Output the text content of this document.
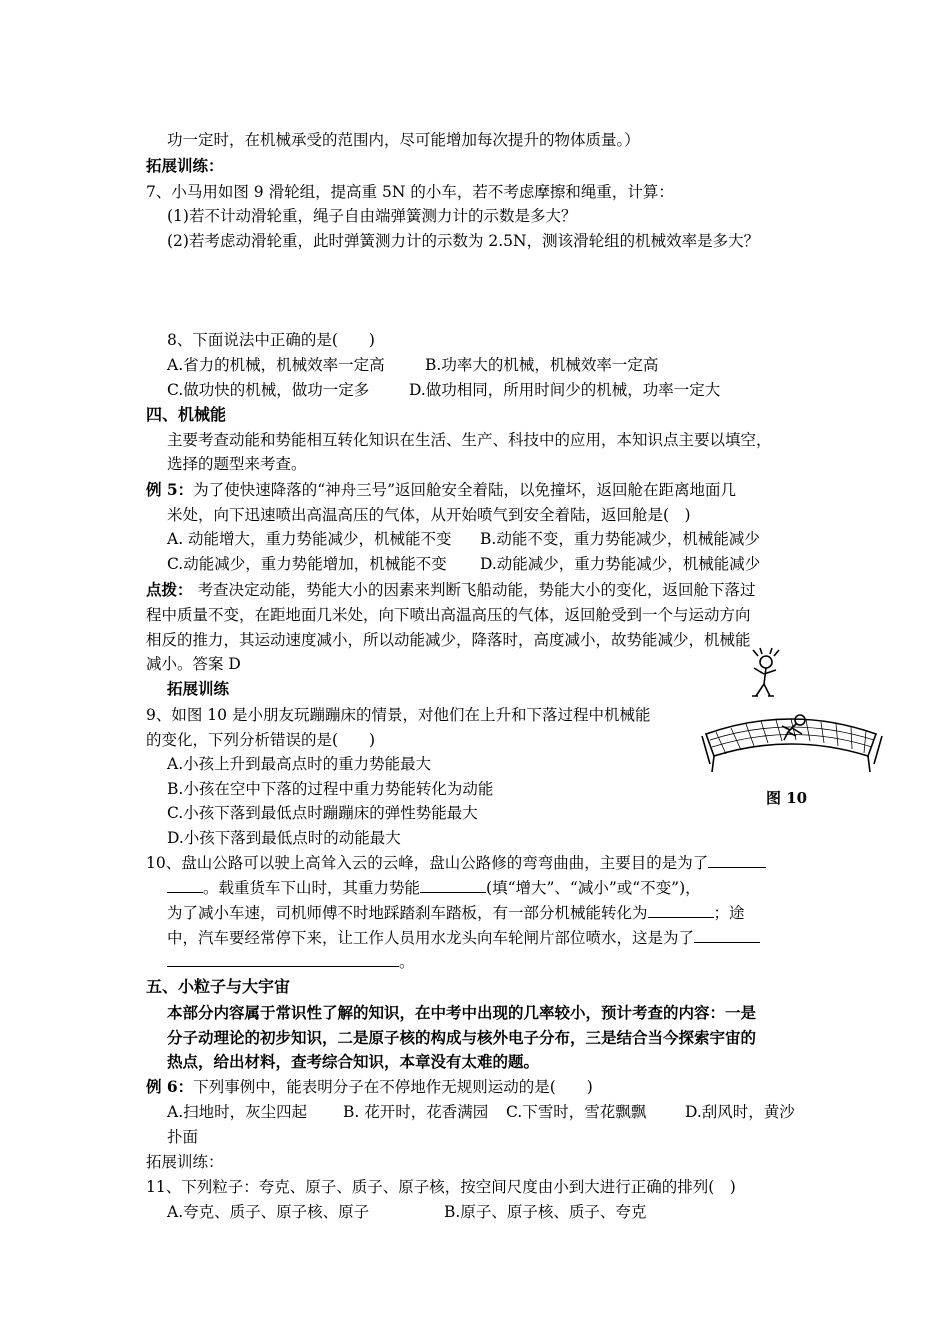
功一定时，在机械承受的范围内，尽可能增加每次提升的物体质量。）
拓展训练：
7、小马用如图 9 滑轮组，提高重 5N 的小车，若不考虑摩擦和绳重，计算：
(1)若不计动滑轮重，绳子自由端弹簧测力计的示数是多大？
(2)若考虑动滑轮重，此时弹簧测力计的示数为 2.5N，测该滑轮组的机械效率是多大？
8、下面说法中正确的是(　　)
A.省力的机械，机械效率一定高	B.功率大的机械，机械效率一定高
C.做功快的机械，做功一定多	D.做功相同，所用时间少的机械，功率一定大
四、机械能
主要考查动能和势能相互转化知识在生活、生产、科技中的应用，本知识点主要以填空，
选择的题型来考查。
例 5：为了使快速降落的“神舟三号”返回舱安全着陆，以免撞坏，返回舱在距离地面几
米处，向下迅速喷出高温高压的气体，从开始喷气到安全着陆，返回舱是(　)
A. 动能增大，重力势能减少，机械能不变 B.动能不变，重力势能减少，机械能减少
C.动能减少，重力势能增加，机械能不变 D.动能减少，重力势能减少，机械能减少
点拨： 考查决定动能，势能大小的因素来判断飞船动能，势能大小的变化，返回舱下落过
程中质量不变，在距地面几米处，向下喷出高温高压的气体，返回舱受到一个与运动方向
相反的推力，其运动速度减小，所以动能减少，降落时，高度减小，故势能减少，机械能
减小。答案 D
图 10
拓展训练
9、如图 10 是小朋友玩蹦蹦床的情景，对他们在上升和下落过程中机械能
的变化，下列分析错误的是(　　)
A.小孩上升到最高点时的重力势能最大
B.小孩在空中下落的过程中重力势能转化为动能
C.小孩下落到最低点时蹦蹦床的弹性势能最大
D.小孩下落到最低点时的动能最大
10、盘山公路可以驶上高耸入云的云峰，盘山公路修的弯弯曲曲，主要目的是为了
。载重货车下山时，其重力势能	(填“增大”、“减小”或“不变”)，
为了减小车速，司机师傅不时地踩踏刹车踏板，有一部分机械能转化为	；途
中，汽车要经常停下来，让工作人员用水龙头向车轮闸片部位喷水，这是为了
。
五、小粒子与大宇宙
本部分内容属于常识性了解的知识，在中考中出现的几率较小，预计考查的内容：一是
分子动理论的初步知识，二是原子核的构成与核外电子分布，三是结合当今探索宇宙的
热点，给出材料，查考综合知识，本章没有太难的题。
例 6：下列事例中，能表明分子在不停地作无规则运动的是(　　)
A.扫地时，灰尘四起 B. 花开时，花香满园 C.下雪时，雪花飘飘	D.刮风时，黄沙
扑面
拓展训练：
11、下列粒子：夸克、原子、质子、原子核，按空间尺度由小到大进行正确的排列(　)
A.夸克、质子、原子核、原子	B.原子、原子核、质子、夸克
